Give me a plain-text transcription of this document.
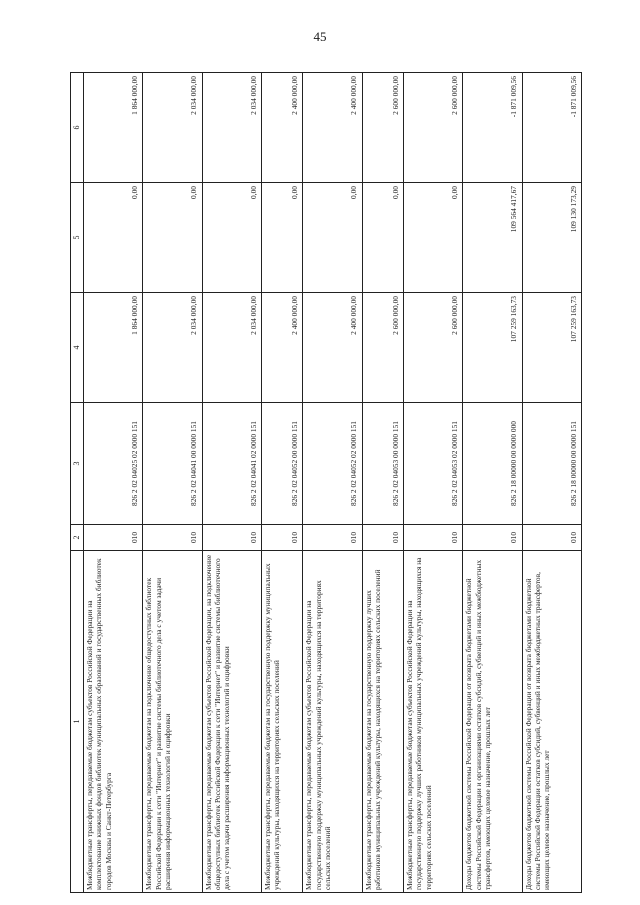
45
1	2	3	4	5	6
Межбюджетные трансферты, передаваемые бюджетам субъектов Российской Федерации на комплектование книжных фондов библиотек муниципальных образований и государственных библиотек городов Москвы и Санкт-Петербурга	010	826 2 02 04025 02 0000 151	1 864 000,00	0,00	1 864 000,00
Межбюджетные трансферты, передаваемые бюджетам на подключение общедоступных библиотек Российской Федерации к сети "Интернет" и развитие системы библиотечного дела с учетом задачи расширения информационных технологий и оцифровки	010	826 2 02 04041 00 0000 151	2 034 000,00	0,00	2 034 000,00
Межбюджетные трансферты, передаваемые бюджетам субъектов Российской Федерации, на подключение общедоступных библиотек Российской Федерации к сети "Интернет" и развитие системы библиотечного дела с учетом задачи расширения информационных технологий и оцифровки	010	826 2 02 04041 02 0000 151	2 034 000,00	0,00	2 034 000,00
Межбюджетные трансферты, передаваемые бюджетам на государственную поддержку муниципальных учреждений культуры, находящихся на территориях сельских поселений	010	826 2 02 04052 00 0000 151	2 400 000,00	0,00	2 400 000,00
Межбюджетные трансферты, передаваемые бюджетам субъектов Российской Федерации на государственную поддержку муниципальных учреждений культуры, находящихся на территориях сельских поселений	010	826 2 02 04052 02 0000 151	2 400 000,00	0,00	2 400 000,00
Межбюджетные трансферты, передаваемые бюджетам на государственную поддержку лучших работников муниципальных учреждений культуры, находящихся на территориях сельских поселений	010	826 2 02 04053 00 0000 151	2 600 000,00	0,00	2 600 000,00
Межбюджетные трансферты, передаваемые бюджетам субъектов Российской Федерации на государственную поддержку лучших работников муниципальных учреждений культуры, находящихся на территориях сельских поселений	010	826 2 02 04053 02 0000 151	2 600 000,00	0,00	2 600 000,00
Доходы бюджетов бюджетной системы Российской Федерации от возврата бюджетами бюджетной системы Российской Федерации и организациями остатков субсидий, субвенций и иных межбюджетных трансфертов, имеющих целевое назначение, прошлых лет	010	826 2 18 00000 00 0000 000	107 259 163,73	109 564 417,67	-1 871 009,56
Доходы бюджетов бюджетной системы Российской Федерации от возврата бюджетами бюджетной системы Российской Федерации остатков субсидий, субвенций и иных межбюджетных трансфертов, имеющих целевое назначение, прошлых лет	010	826 2 18 00000 00 0000 151	107 259 163,73	109 130 173,29	-1 871 009,56
